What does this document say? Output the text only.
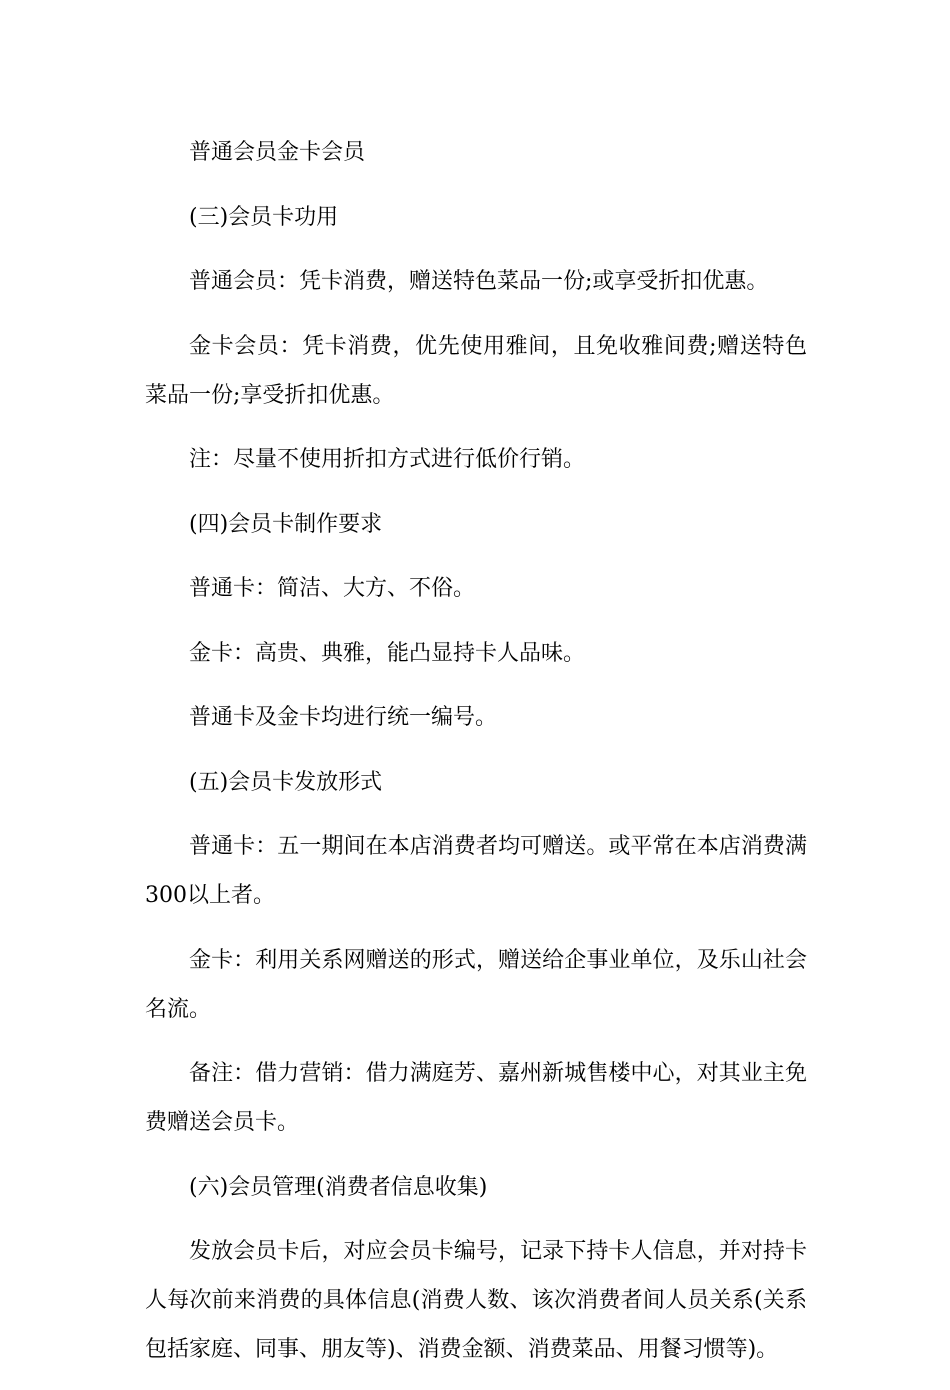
普通会员金卡会员

(三)会员卡功用

普通会员：凭卡消费，赠送特色菜品一份;或享受折扣优惠。

金卡会员：凭卡消费，优先使用雅间，且免收雅间费;赠送特色菜品一份;享受折扣优惠。

注：尽量不使用折扣方式进行低价行销。

(四)会员卡制作要求

普通卡：简洁、大方、不俗。

金卡：高贵、典雅，能凸显持卡人品味。

普通卡及金卡均进行统一编号。

(五)会员卡发放形式

普通卡：五一期间在本店消费者均可赠送。或平常在本店消费满300以上者。

金卡：利用关系网赠送的形式，赠送给企事业单位，及乐山社会名流。

备注：借力营销：借力满庭芳、嘉州新城售楼中心，对其业主免费赠送会员卡。

(六)会员管理(消费者信息收集)

发放会员卡后，对应会员卡编号，记录下持卡人信息，并对持卡人每次前来消费的具体信息(消费人数、该次消费者间人员关系(关系包括家庭、同事、朋友等)、消费金额、消费菜品、用餐习惯等)。
